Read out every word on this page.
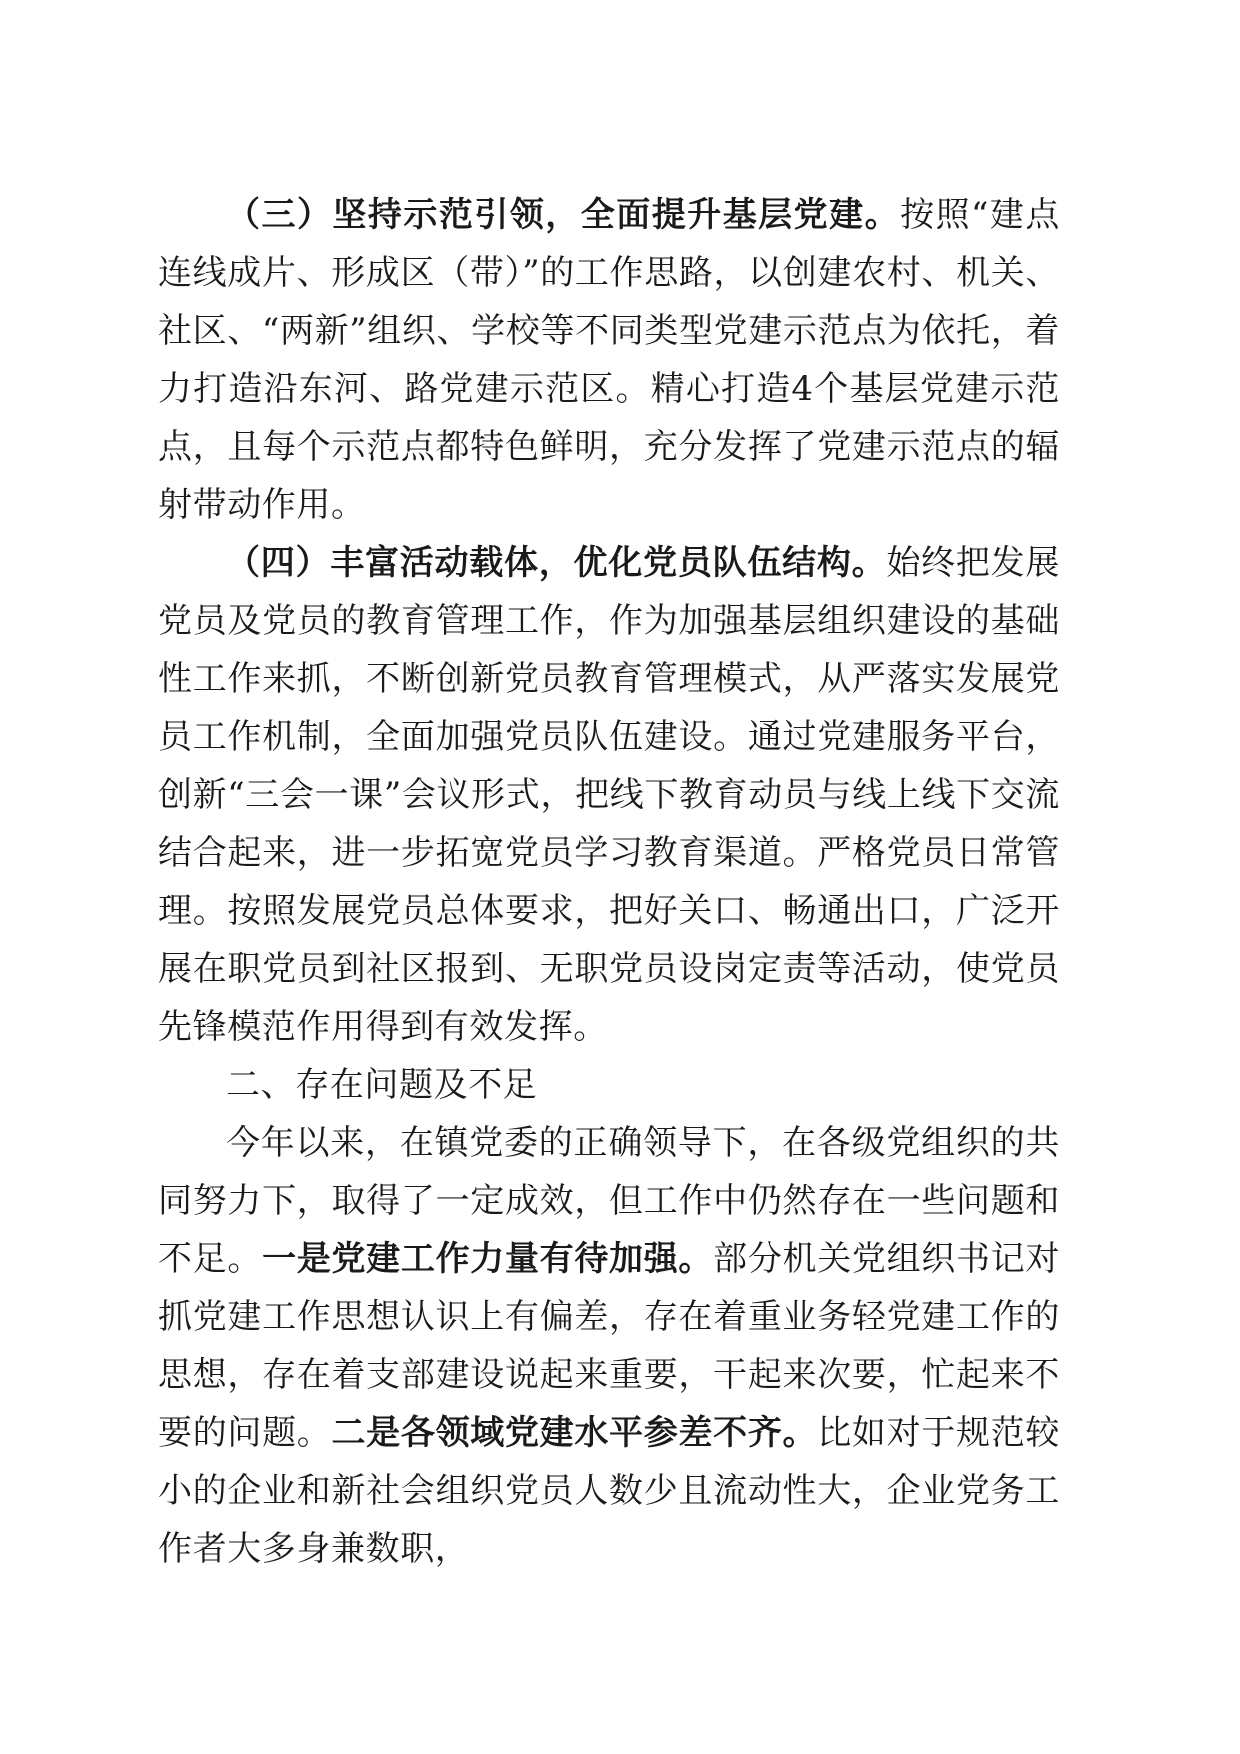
（三）坚持示范引领，全面提升基层党建。按照“建点连线成片、形成区（带）”的工作思路，以创建农村、机关、社区、“两新”组织、学校等不同类型党建示范点为依托，着力打造沿东河、路党建示范区。精心打造4个基层党建示范点，且每个示范点都特色鲜明，充分发挥了党建示范点的辐射带动作用。

（四）丰富活动载体，优化党员队伍结构。始终把发展党员及党员的教育管理工作，作为加强基层组织建设的基础性工作来抓，不断创新党员教育管理模式，从严落实发展党员工作机制，全面加强党员队伍建设。通过党建服务平台，创新“三会一课”会议形式，把线下教育动员与线上线下交流结合起来，进一步拓宽党员学习教育渠道。严格党员日常管理。按照发展党员总体要求，把好关口、畅通出口，广泛开展在职党员到社区报到、无职党员设岗定责等活动，使党员先锋模范作用得到有效发挥。

二、存在问题及不足

今年以来，在镇党委的正确领导下，在各级党组织的共同努力下，取得了一定成效，但工作中仍然存在一些问题和不足。一是党建工作力量有待加强。部分机关党组织书记对抓党建工作思想认识上有偏差，存在着重业务轻党建工作的思想，存在着支部建设说起来重要，干起来次要，忙起来不要的问题。二是各领域党建水平参差不齐。比如对于规范较小的企业和新社会组织党员人数少且流动性大，企业党务工作者大多身兼数职，
